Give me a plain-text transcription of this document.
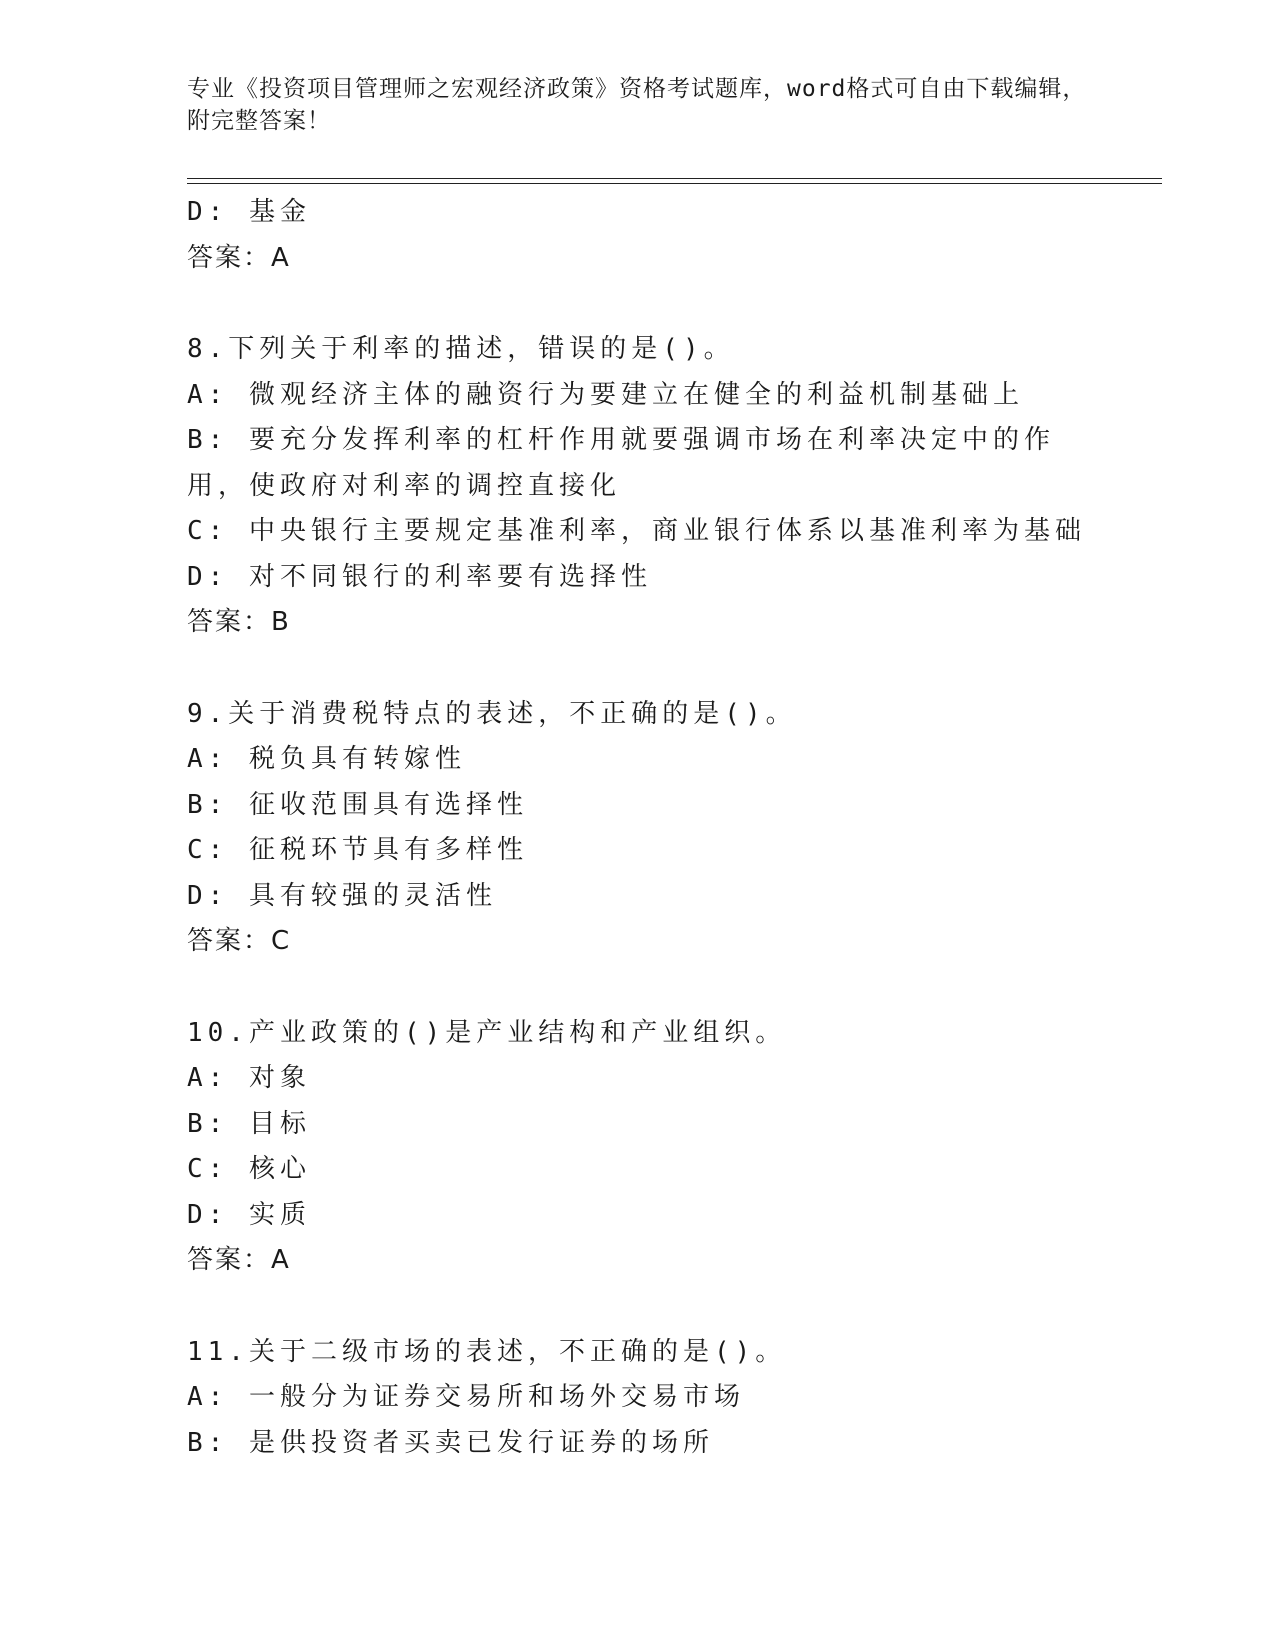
专业《投资项目管理师之宏观经济政策》资格考试题库，word格式可自由下载编辑，附完整答案！
D: 基金
答案：A
8.下列关于利率的描述，错误的是()。
A: 微观经济主体的融资行为要建立在健全的利益机制基础上
B: 要充分发挥利率的杠杆作用就要强调市场在利率决定中的作用，使政府对利率的调控直接化
C: 中央银行主要规定基准利率，商业银行体系以基准利率为基础
D: 对不同银行的利率要有选择性
答案：B
9.关于消费税特点的表述，不正确的是()。
A: 税负具有转嫁性
B: 征收范围具有选择性
C: 征税环节具有多样性
D: 具有较强的灵活性
答案：C
10.产业政策的()是产业结构和产业组织。
A: 对象
B: 目标
C: 核心
D: 实质
答案：A
11.关于二级市场的表述，不正确的是()。
A: 一般分为证券交易所和场外交易市场
B: 是供投资者买卖已发行证券的场所
